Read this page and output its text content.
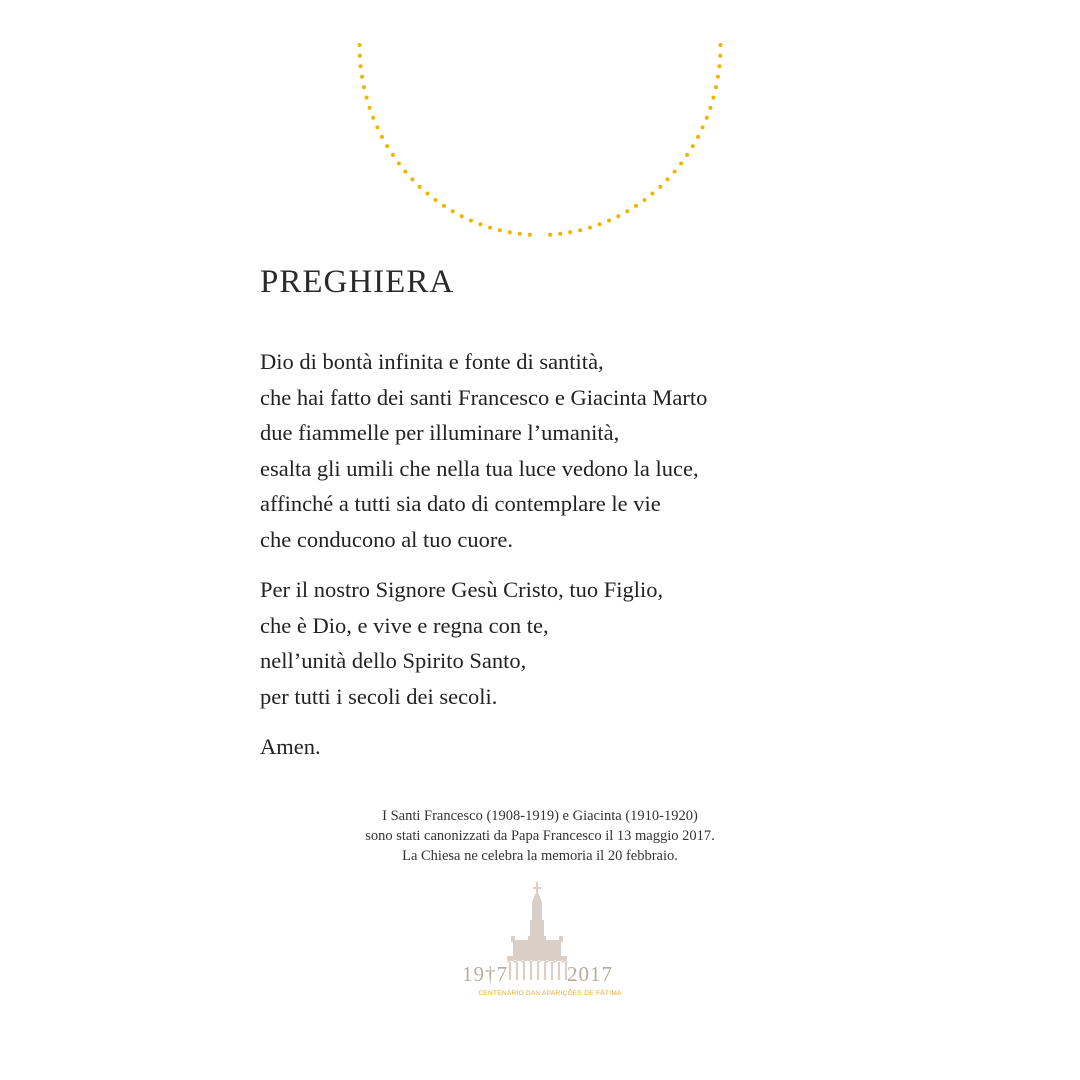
PREGHIERA
Dio di bontà infinita e fonte di santità,
che hai fatto dei santi Francesco e Giacinta Marto
due fiammelle per illuminare l’umanità,
esalta gli umili che nella tua luce vedono la luce,
affinché a tutti sia dato di contemplare le vie
che conducono al tuo cuore.
Per il nostro Signore Gesù Cristo, tuo Figlio,
che è Dio, e vive e regna con te,
nell’unità dello Spirito Santo,
per tutti i secoli dei secoli.
Amen.
I Santi Francesco (1908-1919) e Giacinta (1910-1920)
sono stati canonizzati da Papa Francesco il 13 maggio 2017.
La Chiesa ne celebra la memoria il 20 febbraio.
19†7	2017
CENTENÁRIO DAS APARIÇÕES DE FÁTIMA
